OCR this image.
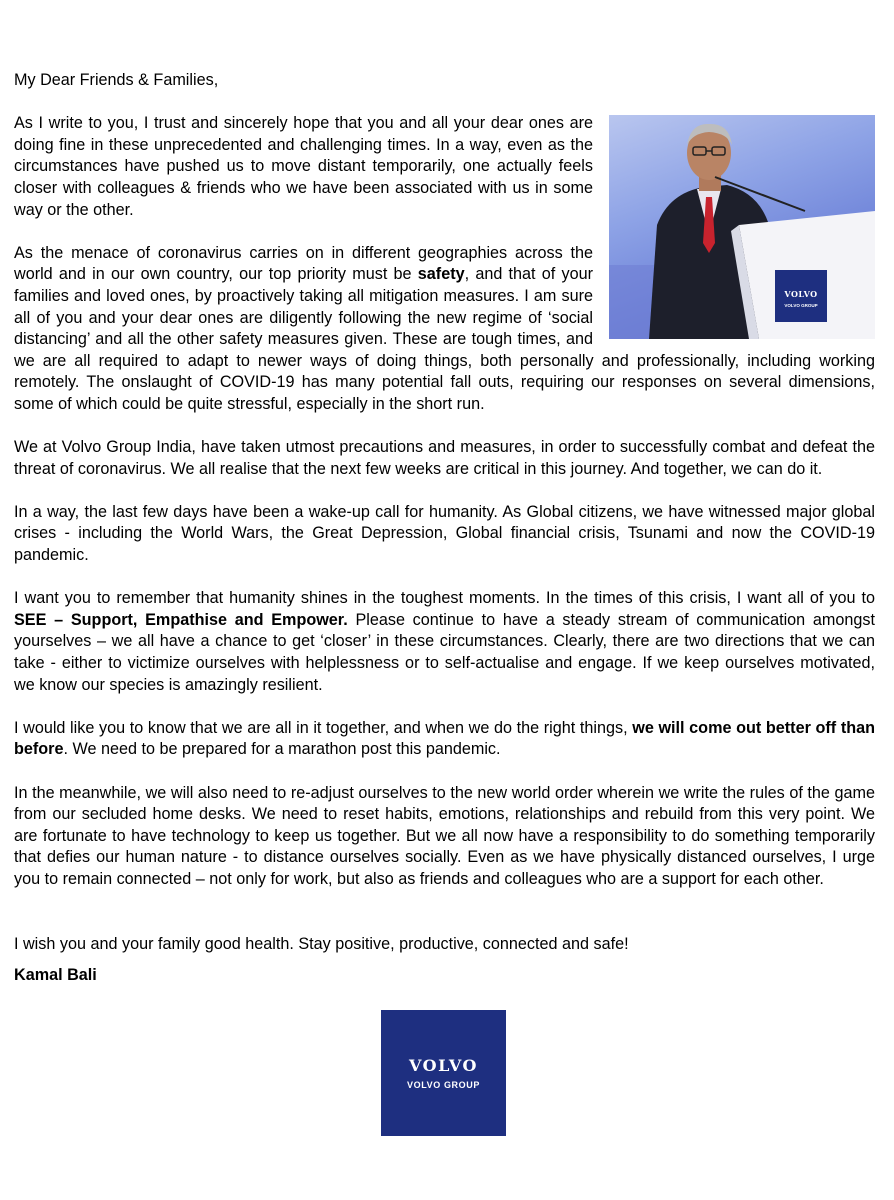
My Dear Friends & Families,

VOLVO
VOLVO GROUP

As I write to you, I trust and sincerely hope that you and all your dear ones are doing fine in these unprecedented and challenging times. In a way, even as the circumstances have pushed us to move distant temporarily, one actually feels closer with colleagues & friends who we have been associated with us in some way or the other.

As the menace of coronavirus carries on in different geographies across the world and in our own country, our top priority must be safety, and that of your families and loved ones, by proactively taking all mitigation measures. I am sure all of you and your dear ones are diligently following the new regime of ‘social distancing’ and all the other safety measures given. These are tough times, and we are all required to adapt to newer ways of doing things, both personally and professionally, including working remotely. The onslaught of COVID-19 has many potential fall outs, requiring our responses on several dimensions, some of which could be quite stressful, especially in the short run.

We at Volvo Group India, have taken utmost precautions and measures, in order to successfully combat and defeat the threat of coronavirus. We all realise that the next few weeks are critical in this journey. And together, we can do it.

In a way, the last few days have been a wake-up call for humanity. As Global citizens, we have witnessed major global crises - including the World Wars, the Great Depression, Global financial crisis, Tsunami and now the COVID-19 pandemic.

I want you to remember that humanity shines in the toughest moments. In the times of this crisis, I want all of you to SEE – Support, Empathise and Empower. Please continue to have a steady stream of communication amongst yourselves – we all have a chance to get ‘closer’ in these circumstances. Clearly, there are two directions that we can take - either to victimize ourselves with helplessness or to self-actualise and engage. If we keep ourselves motivated, we know our species is amazingly resilient.

I would like you to know that we are all in it together, and when we do the right things, we will come out better off than before. We need to be prepared for a marathon post this pandemic.

In the meanwhile, we will also need to re-adjust ourselves to the new world order wherein we write the rules of the game from our secluded home desks. We need to reset habits, emotions, relationships and rebuild from this very point. We are fortunate to have technology to keep us together. But we all now have a responsibility to do something temporarily that defies our human nature - to distance ourselves socially. Even as we have physically distanced ourselves, I urge you to remain connected – not only for work, but also as friends and colleagues who are a support for each other.

I wish you and your family good health. Stay positive, productive, connected and safe!

Kamal Bali

VOLVO
VOLVO GROUP
